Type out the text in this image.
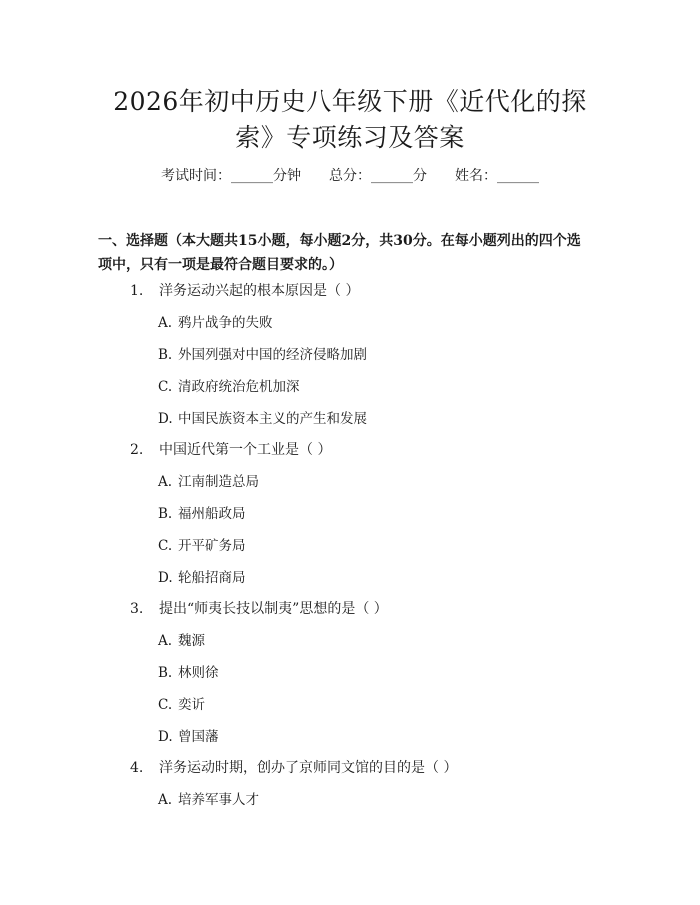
2026年初中历史八年级下册《近代化的探
索》专项练习及答案
考试时间：______分钟 总分：______分 姓名：______
一、选择题（本大题共15小题，每小题2分，共30分。在每小题列出的四个选
项中，只有一项是最符合题目要求的。）
1. 洋务运动兴起的根本原因是（ ）
A. 鸦片战争的失败
B. 外国列强对中国的经济侵略加剧
C. 清政府统治危机加深
D. 中国民族资本主义的产生和发展
2. 中国近代第一个工业是（ ）
A. 江南制造总局
B. 福州船政局
C. 开平矿务局
D. 轮船招商局
3. 提出“师夷长技以制夷”思想的是（ ）
A. 魏源
B. 林则徐
C. 奕䜣
D. 曾国藩
4. 洋务运动时期，创办了京师同文馆的目的是（ ）
A. 培养军事人才
